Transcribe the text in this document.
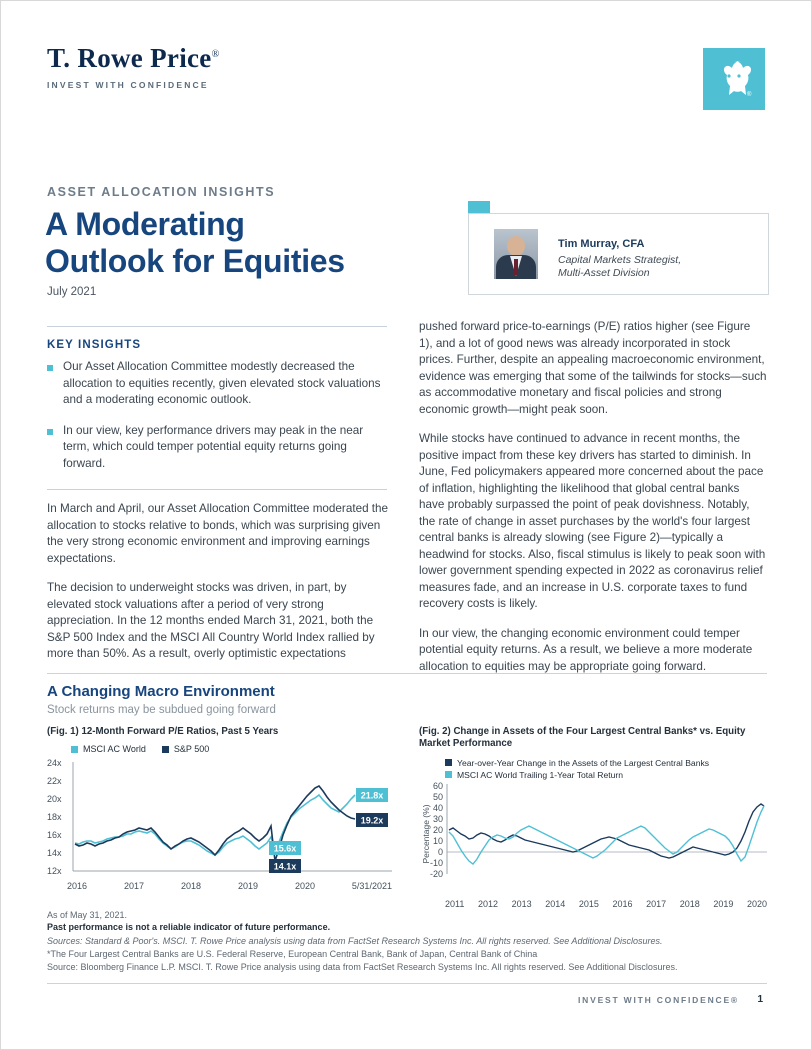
T. Rowe Price®
INVEST WITH CONFIDENCE
®
ASSET ALLOCATION INSIGHTS
A Moderating
Outlook for Equities
July 2021
Tim Murray, CFA
Capital Markets Strategist,
Multi-Asset Division
KEY INSIGHTS
Our Asset Allocation Committee modestly decreased the allocation to equities recently, given elevated stock valuations and a moderating economic outlook.
In our view, key performance drivers may peak in the near term, which could temper potential equity returns going forward.

In March and April, our Asset Allocation Committee moderated the allocation to stocks relative to bonds, which was surprising given the very strong economic environment and improving earnings expectations.

The decision to underweight stocks was driven, in part, by elevated stock valuations after a period of very strong appreciation. In the 12 months ended March 31, 2021, both the S&P 500 Index and the MSCI All Country World Index rallied by more than 50%. As a result, overly optimistic expectations

pushed forward price-to-earnings (P/E) ratios higher (see Figure 1), and a lot of good news was already incorporated in stock prices. Further, despite an appealing macroeconomic environment, evidence was emerging that some of the tailwinds for stocks—such as accommodative monetary and fiscal policies and strong economic growth—might peak soon.

While stocks have continued to advance in recent months, the positive impact from these key drivers has started to diminish. In June, Fed policymakers appeared more concerned about the pace of inflation, highlighting the likelihood that global central banks have probably surpassed the point of peak dovishness. Notably, the rate of change in asset purchases by the world's four largest central banks is already slowing (see Figure 2)—typically a headwind for stocks. Also, fiscal stimulus is likely to peak soon with lower government spending expected in 2022 as coronavirus relief measures fade, and an increase in U.S. corporate taxes to fund recovery costs is likely.

In our view, the changing economic environment could temper potential equity returns. As a result, we believe a more moderate allocation to equities may be appropriate going forward.

A Changing Macro Environment
Stock returns may be subdued going forward
(Fig. 1) 12-Month Forward P/E Ratios, Past 5 Years
MSCI AC World	S&P 500
24x
22x
20x
18x
16x
14x
12x
21.8x
19.2x
15.6x
14.1x
2016	2017	2018	2019	2020	5/31/2021
(Fig. 2) Change in Assets of the Four Largest Central Banks* vs. Equity Market Performance
Year-over-Year Change in the Assets of the Largest Central Banks
MSCI AC World Trailing 1-Year Total Return
60
50
40
30
20
10
0
-10
-20
Percentage (%)
2011 2012 2013 2014 2015 2016 2017 2018 2019 2020
As of May 31, 2021.
Past performance is not a reliable indicator of future performance.
Sources: Standard & Poor's. MSCI. T. Rowe Price analysis using data from FactSet Research Systems Inc. All rights reserved. See Additional Disclosures.
*The Four Largest Central Banks are U.S. Federal Reserve, European Central Bank, Bank of Japan, Central Bank of China
Source: Bloomberg Finance L.P. MSCI. T. Rowe Price analysis using data from FactSet Research Systems Inc. All rights reserved. See Additional Disclosures.
INVEST WITH CONFIDENCE® 1
